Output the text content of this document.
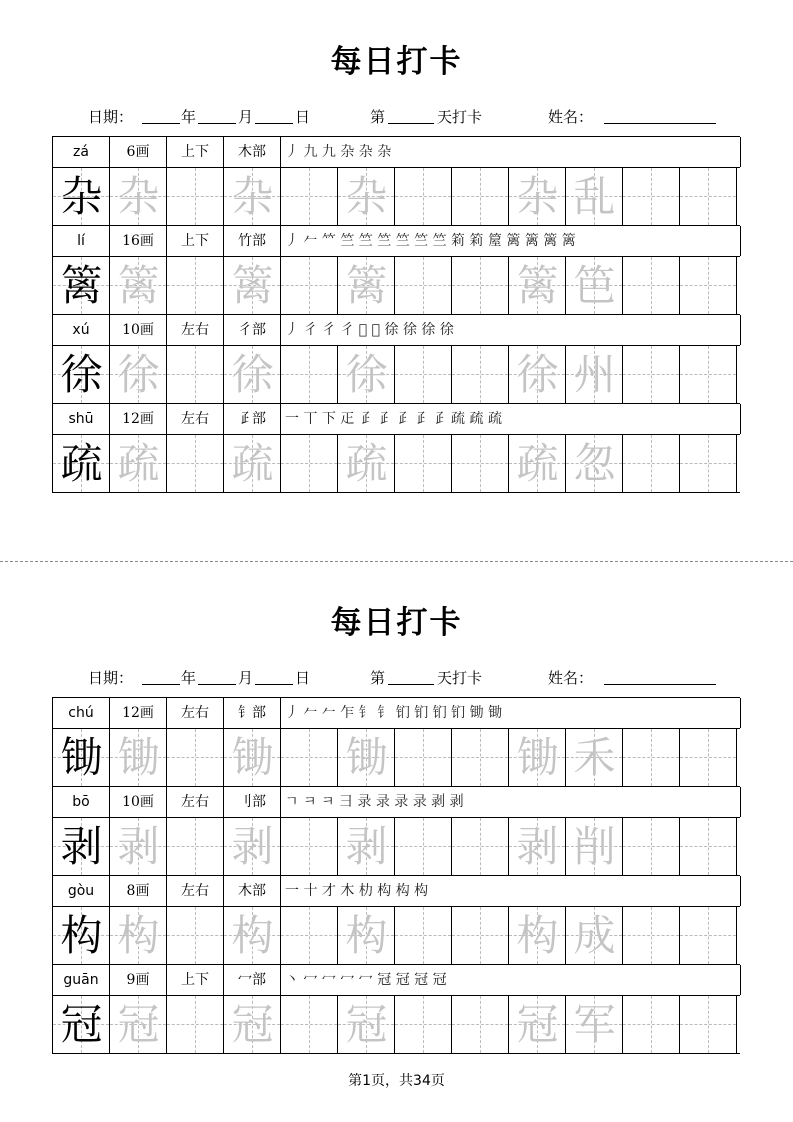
每日打卡
日期：	年	月	日	第	天打卡	姓名：
zá	6画	上下	木部	丿 九 九 杂 杂 杂
杂 杂 杂 杂	杂 乱
lí	16画	上下	竹部	丿 𠂉 𥫗 竺 竺 竺 竺 竺 竺 筣 筣 箼 篱 篱 篱 篱
篱 篱 篱 篱	篱 笆
xú	10画	左右	彳部	丿 彳 彳 彳 𢓐 𢓐 徐 徐 徐 徐
徐 徐 徐 徐	徐 州
shū	12画	左右	𤴔部	一 丅 下 𤴓 𤴔 𤴔 𤴔 𤴔 𤴔 疏 疏 疏
疏 疏 疏 疏	疏 忽
每日打卡
日期：	年	月	日	第	天打卡	姓名：
chú	12画	左右	钅部	丿 𠂉 𠂉 乍 钅 钅 钔 钔 钔 钔 锄 锄
锄 锄 锄 锄	锄 禾
bō	10画	左右	刂部	ㄱ ㅋ ㅋ 彐 录 录 录 录 剥 剥
剥 剥 剥 剥	剥 削
gòu	8画	左右	木部	一 十 才 木 朸 构 构 构
构 构 构 构	构 成
guān	9画	上下	冖部	丶 冖 冖 冖 冖 冠 冠 冠 冠
冠 冠 冠 冠	冠 军
第1页，共34页
